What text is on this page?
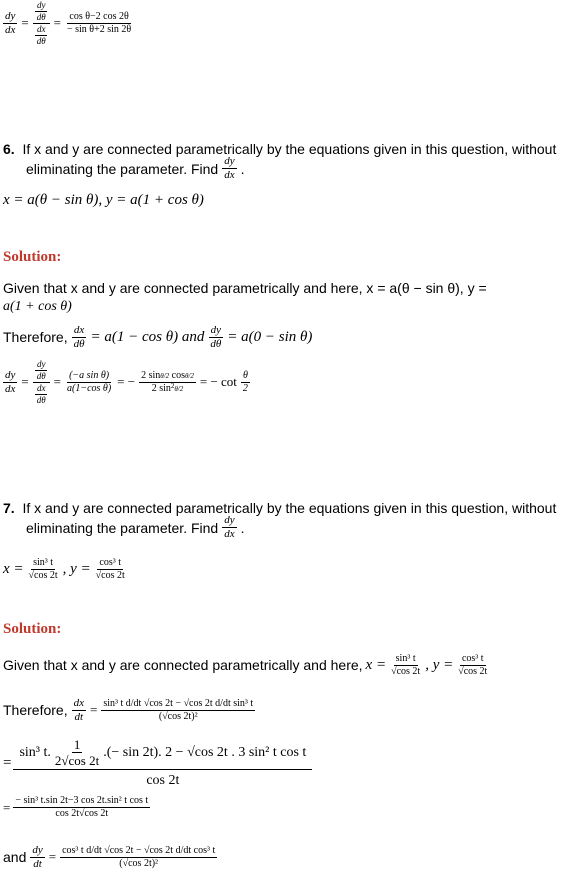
$\frac{dy}{dx} = \frac{\frac{dy}{d\theta}}{\frac{dx}{d\theta}} = \frac{\text{cos θ−2 cos 2θ}}{\text{− sin θ+2 sin 2θ}}$
6. If x and y are connected parametrically by the equations given in this question, without
eliminating the parameter. Find $\frac{dy}{dx}$ .
x = a(θ − sin θ), y = a(1 + cos θ)
Solution:
Given that x and y are connected parametrically and here, x = a(θ − sin θ), y =
a(1 + cos θ)
Therefore, $\frac{dx}{d\theta} = a(1 - \cos \theta)$ and $\frac{dy}{d\theta} = a(0 - \sin \theta)$
$\frac{dy}{dx} = \frac{\frac{dy}{d\theta}}{\frac{dx}{d\theta}} = \frac{\text{(−a sin θ)}}{\text{a(1−cos θ)}}$ = − $\frac{2 \sin\theta/2 \cos\theta/2}{2 \sin^2\theta/2}$ = − $\cot \frac{\theta}{2}$
7. If x and y are connected parametrically by the equations given in this question, without
eliminating the parameter. Find $\frac{dy}{dx}$ .
$x = \frac{\text{sin³ t}}{√\cos 2t}$ , $y = \frac{\text{cos³ t}}{√\cos 2t}$
Solution:
Given that x and y are connected parametrically and here, $x = \frac{\text{sin³ t}}{√\cos 2t}$ , $y = \frac{\text{cos³ t}}{√\cos 2t}$
Therefore, $\frac{dx}{dt} = \frac{\text{sin³ t d/dt √cos 2t − √cos 2t d/dt sin³ t}}{\text{(√cos 2t)²}}$
=
sin³ t. $\frac{1}{2√\cos 2t}$ .(− sin 2t). 2 − √cos 2t . 3 sin² t cos t
cos 2t
= $\frac{\text{− sin³ t.sin 2t−3 cos 2t.sin² t cos t}}{\cos 2t√\cos 2t}$
and $\frac{dy}{dt} = \frac{\text{cos³ t d/dt √cos 2t − √cos 2t d/dt cos³ t}}{\text{(√cos 2t)²}}$
